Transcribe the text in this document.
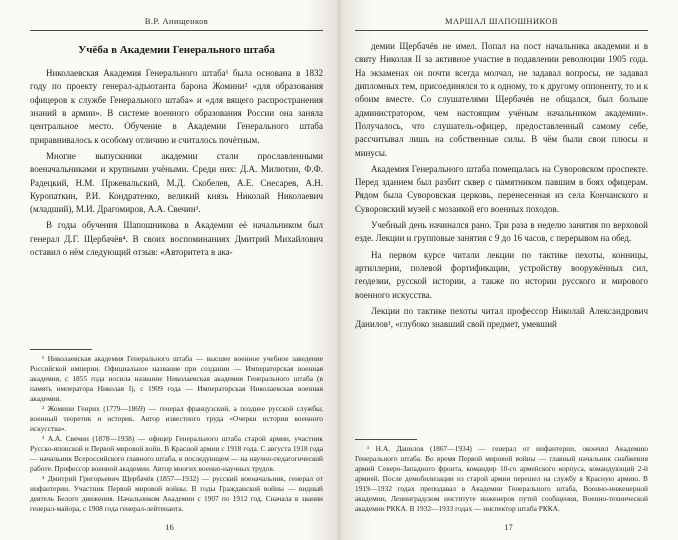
В.Р. Анищенков
Учёба в Академии Генерального штаба

Николаевская Академия Генерального штаба¹ была основана в 1832 году по проекту генерал-адъютанта барона Жомини² «для образования офицеров к службе Генерального штаба» и «для вящего распространения знаний в армии». В системе военного образования России она заняла центральное место. Обучение в Академии Генерального штаба приравнивалось к особому отличию и считалось почётным.

Многие выпускники академии стали прославленными военачальниками и крупными учёными. Среди них: Д.А. Милютин, Ф.Ф. Радецкий, Н.М. Пржевальский, М.Д. Скобелев, А.Е. Снесарев, А.Н. Куропаткин, Р.И. Кондратенко, великий князь Николай Николаевич (младший), М.И. Драгомиров, А.А. Свечин³.

В годы обучения Шапошникова в Академии её начальником был генерал Д.Г. Щербачёв⁴. В своих воспоминаниях Дмитрий Михайлович оставил о нём следующий отзыв: «Авторитета в ака-

¹ Николаевская академия Генерального штаба — высшее военное учебное заведение Российской империи. Официальное название при создании — Императорская военная академия, с 1855 года носила название Николаевская академия Генерального штаба (в память императора Николая I), с 1909 года — Императорская Николаевская военная академия.

² Жомини Генрих (1779—1869) — генерал французский, а позднее русской службы; военный теоретик и историк. Автор известного труда «Очерки истории военного искусства».

³ А.А. Свечин (1878—1938) — офицер Генерального штаба старой армии, участник Русско-японской и Первой мировой войн. В Красной армии с 1918 года. С августа 1918 года — начальник Всероссийского главного штаба, в последующем — на научно-педагогической работе. Профессор военной академии. Автор многих военно-научных трудов.

⁴ Дмитрий Григорьевич Щербачёв (1857—1932) — русский военачальник, генерал от инфантерии. Участник Первой мировой войны. В годы Гражданской войны — видный деятель Белого движения. Начальником Академии с 1907 по 1912 год. Сначала в звании генерал-майора, с 1908 года генерал-лейтенанта.

16
МАРШАЛ ШАПОШНИКОВ

демии Щербачёв не имел. Попал на пост начальника академии и в свиту Николая II за активное участие в подавлении революции 1905 года. На экзаменах он почти всегда молчал, не задавал вопросы, не задавал дипломных тем, присоединялся то к одному, то к другому оппоненту, то и к обоим вместе. Со слушателями Щербачёв не общался, был больше администратором, чем настоящим учёным начальником академии». Получалось, что слушатель-офицер, предоставленный самому себе, рассчитывал лишь на собственные силы. В чём были свои плюсы и минусы.

Академия Генерального штаба помещалась на Суворовском проспекте. Перед зданием был разбит сквер с памятником павшим в боях офицерам. Рядом была Суворовская церковь, перенесенная из села Кончанского и Суворовский музей с мозаикой его военных походов.

Учебный день начинался рано. Три раза в неделю занятия по верховой езде. Лекции и групповые занятия с 9 до 16 часов, с перерывом на обед.

На первом курсе читали лекции по тактике пехоты, конницы, артиллерии, полевой фортификации, устройству вооружённых сил, геодезии, русской истории, а также по истории русского и мирового военного искусства.

Лекции по тактике пехоты читал профессор Николай Александрович Данилов¹, «глубоко знавший свой предмет, умевший

¹ Н.А. Данилов (1867—1934) — генерал от инфантерии, окончил Академию Генерального штаба. Во время Первой мировой войны — главный начальник снабжения армий Северо-Западного фронта, командир 10-го армейского корпуса, командующий 2-й армией. После демобилизации из старой армии перешел на службу в Красную армию. В 1919—1932 годах преподавал в Академии Генерального штаба, Военно-инженерной академии, Ленинградском институте инженеров путей сообщения, Военно-технической академии РККА. В 1932—1933 годах — инспектор штаба РККА.

17
